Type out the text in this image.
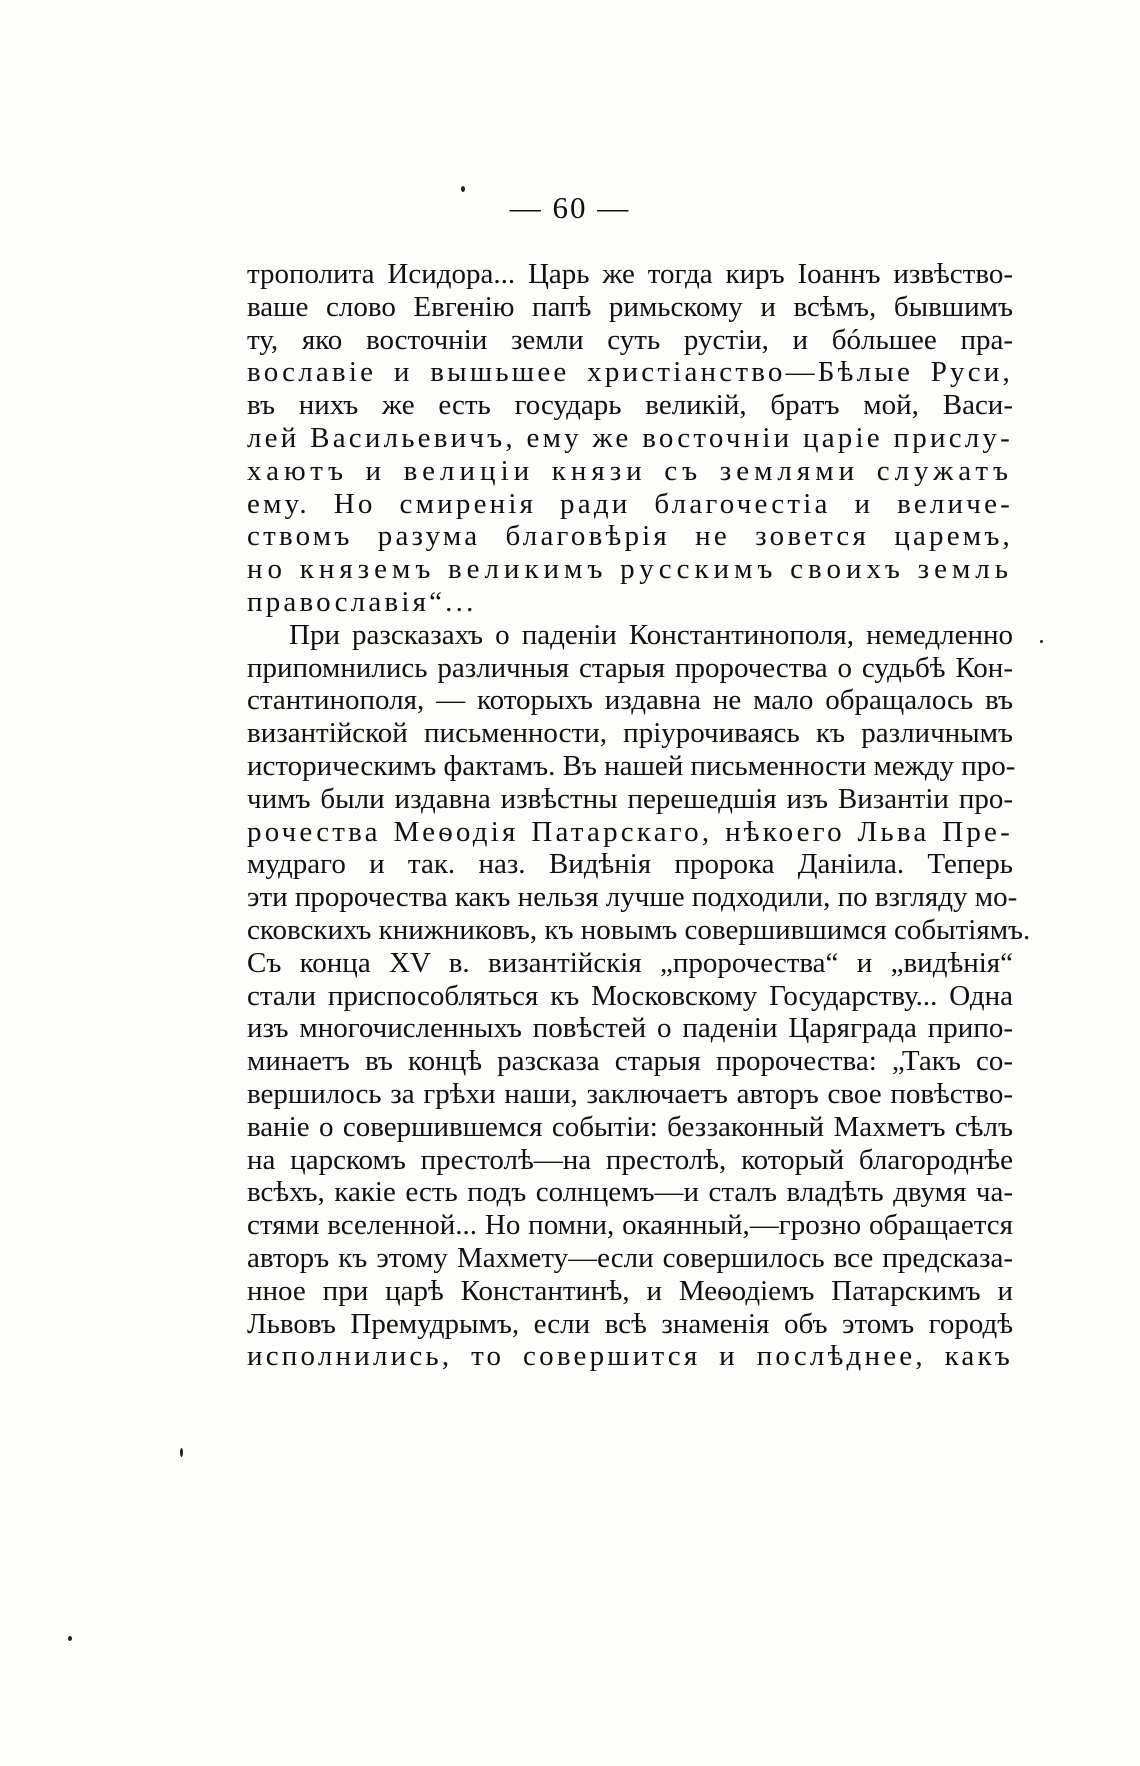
— 60 —
трополита Исидора... Царь же тогда киръ Іоаннъ извѣство-
ваше слово Евгенію папѣ римьскому и всѣмъ, бывшимъ
ту, яко восточніи земли суть рустіи, и бóльшее пра-
вославіе и вышьшее христіанство—Бѣлые Руси,
въ нихъ же есть государь великій, братъ мой, Васи-
лей Васильевичъ, ему же восточніи царіе прислу-
хаютъ и велиціи князи съ землями служатъ
ему. Но смиренія ради благочестіа и величе-
ствомъ разума благовѣрія не зовется царемъ,
но княземъ великимъ русскимъ своихъ земль
православія“...
При разсказахъ о паденіи Константинополя, немедленно
припомнились различныя старыя пророчества о судьбѣ Кон-
стантинополя, — которыхъ издавна не мало обращалось въ
византійской письменности, пріурочиваясь къ различнымъ
историческимъ фактамъ. Въ нашей письменности между про-
чимъ были издавна извѣстны перешедшія изъ Византіи про-
рочества Меѳодія Патарскаго, нѣкоего Льва Пре-
мудраго и так. наз. Видѣнія пророка Даніила. Теперь
эти пророчества какъ нельзя лучше подходили, по взгляду мо-
сковскихъ книжниковъ, къ новымъ совершившимся событіямъ.
Съ конца XV в. византійскія „пророчества“ и „видѣнія“
стали приспособляться къ Московскому Государству... Одна
изъ многочисленныхъ повѣстей о паденіи Царяграда припо-
минаетъ въ концѣ разсказа старыя пророчества: „Такъ со-
вершилось за грѣхи наши, заключаетъ авторъ свое повѣство-
ваніе о совершившемся событіи: беззаконный Махметъ сѣлъ
на царскомъ престолѣ—на престолѣ, который благороднѣе
всѣхъ, какіе есть подъ солнцемъ—и сталъ владѣть двумя ча-
стями вселенной... Но помни, окаянный,—грозно обращается
авторъ къ этому Махмету—если совершилось все предсказа-
нное при царѣ Константинѣ, и Меѳодіемъ Патарскимъ и
Львовъ Премудрымъ, если всѣ знаменія объ этомъ городѣ
исполнились, то совершится и послѣднее, какъ
